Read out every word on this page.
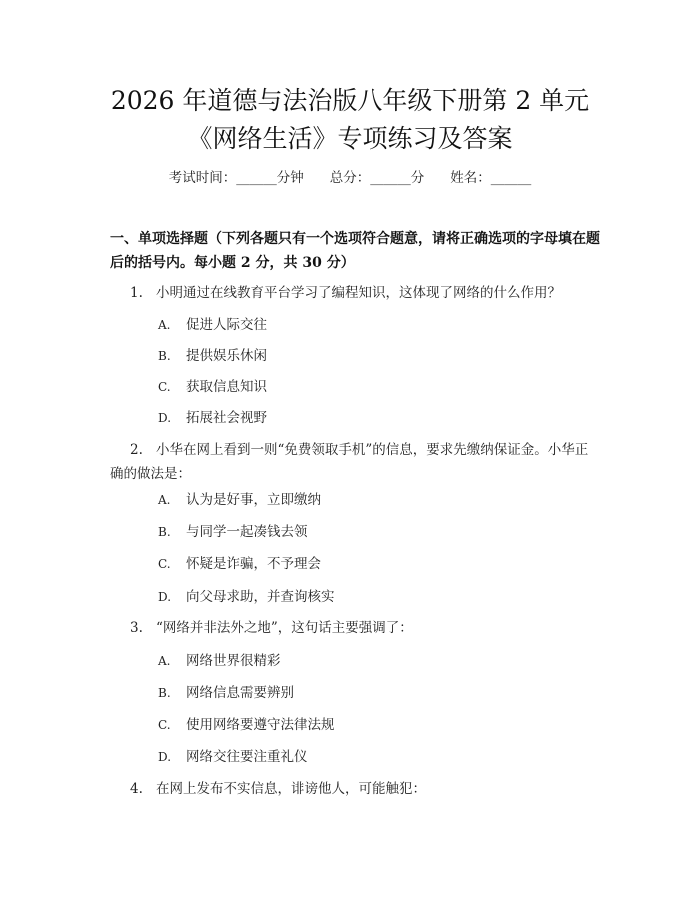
2026 年道德与法治版八年级下册第 2 单元
《网络生活》专项练习及答案
考试时间：______分钟 总分：______分 姓名：______
一、单项选择题（下列各题只有一个选项符合题意，请将正确选项的字母填在题后的括号内。每小题 2 分，共 30 分）
1. 小明通过在线教育平台学习了编程知识，这体现了网络的什么作用？
A. 促进人际交往
B. 提供娱乐休闲
C. 获取信息知识
D. 拓展社会视野
2. 小华在网上看到一则“免费领取手机”的信息，要求先缴纳保证金。小华正确的做法是：
A. 认为是好事，立即缴纳
B. 与同学一起凑钱去领
C. 怀疑是诈骗，不予理会
D. 向父母求助，并查询核实
3. “网络并非法外之地”，这句话主要强调了：
A. 网络世界很精彩
B. 网络信息需要辨别
C. 使用网络要遵守法律法规
D. 网络交往要注重礼仪
4. 在网上发布不实信息，诽谤他人，可能触犯：
